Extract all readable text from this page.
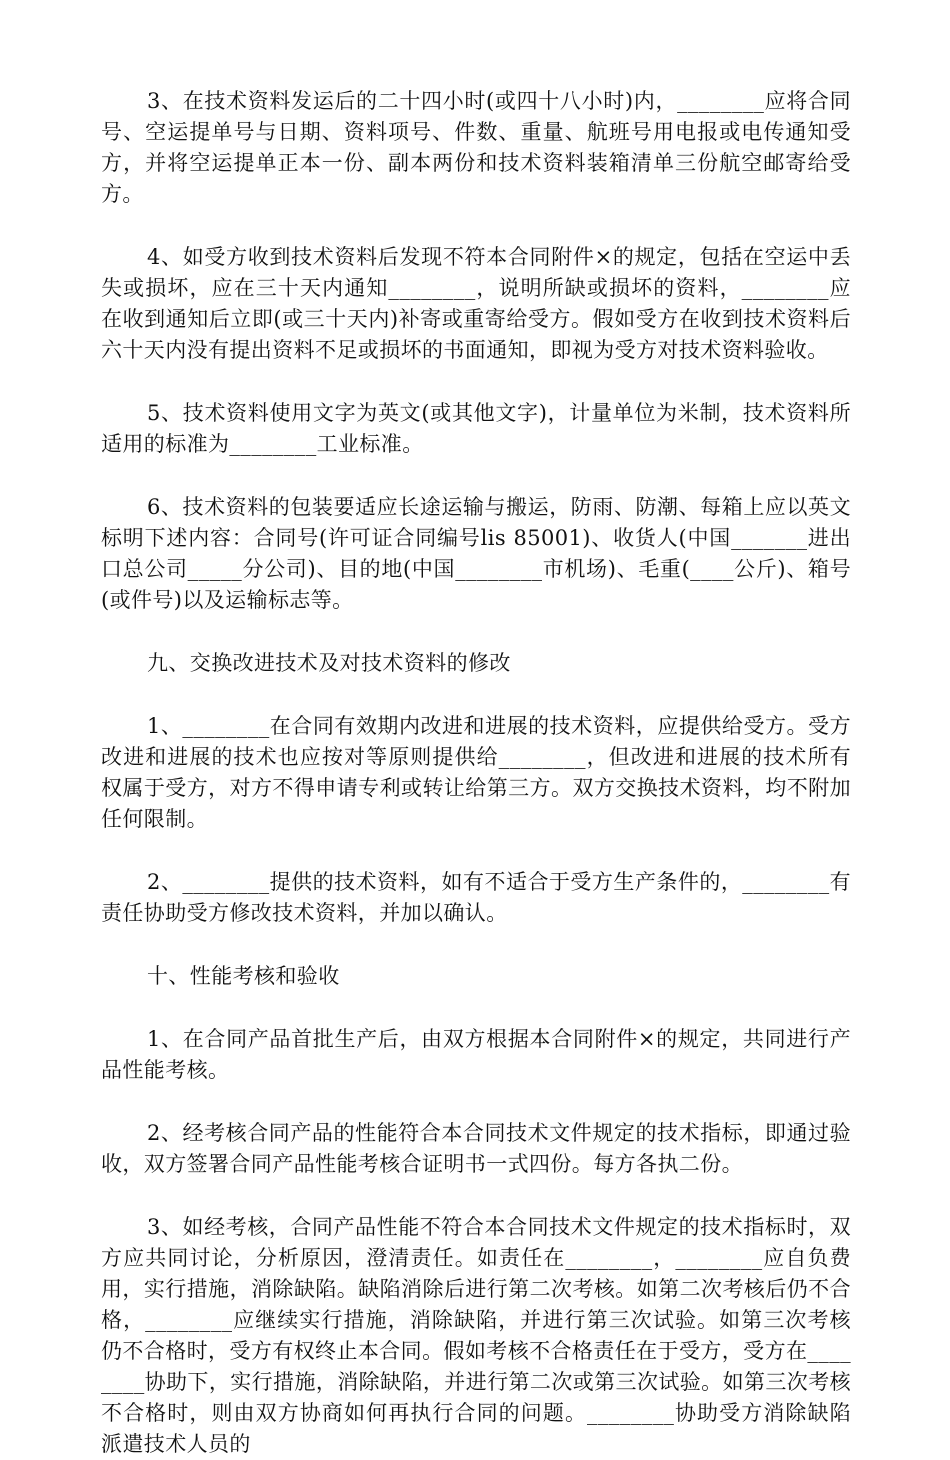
3、在技术资料发运后的二十四小时(或四十八小时)内，________应将合同号、空运提单号与日期、资料项号、件数、重量、航班号用电报或电传通知受方，并将空运提单正本一份、副本两份和技术资料装箱清单三份航空邮寄给受方。

4、如受方收到技术资料后发现不符本合同附件×的规定，包括在空运中丢失或损坏，应在三十天内通知________，说明所缺或损坏的资料，________应在收到通知后立即(或三十天内)补寄或重寄给受方。假如受方在收到技术资料后六十天内没有提出资料不足或损坏的书面通知，即视为受方对技术资料验收。

5、技术资料使用文字为英文(或其他文字)，计量单位为米制，技术资料所适用的标准为________工业标准。

6、技术资料的包装要适应长途运输与搬运，防雨、防潮、每箱上应以英文标明下述内容：合同号(许可证合同编号lis 85001)、收货人(中国_______进出口总公司_____分公司)、目的地(中国________市机场)、毛重(____公斤)、箱号(或件号)以及运输标志等。

九、交换改进技术及对技术资料的修改

1、________在合同有效期内改进和进展的技术资料，应提供给受方。受方改进和进展的技术也应按对等原则提供给________，但改进和进展的技术所有权属于受方，对方不得申请专利或转让给第三方。双方交换技术资料，均不附加任何限制。

2、________提供的技术资料，如有不适合于受方生产条件的，________有责任协助受方修改技术资料，并加以确认。

十、性能考核和验收

1、在合同产品首批生产后，由双方根据本合同附件×的规定，共同进行产品性能考核。

2、经考核合同产品的性能符合本合同技术文件规定的技术指标，即通过验收，双方签署合同产品性能考核合证明书一式四份。每方各执二份。

3、如经考核，合同产品性能不符合本合同技术文件规定的技术指标时，双方应共同讨论，分析原因，澄清责任。如责任在________，________应自负费用，实行措施，消除缺陷。缺陷消除后进行第二次考核。如第二次考核后仍不合格，________应继续实行措施，消除缺陷，并进行第三次试验。如第三次考核仍不合格时，受方有权终止本合同。假如考核不合格责任在于受方，受方在________协助下，实行措施，消除缺陷，并进行第二次或第三次试验。如第三次考核不合格时，则由双方协商如何再执行合同的问题。________协助受方消除缺陷派遣技术人员的
